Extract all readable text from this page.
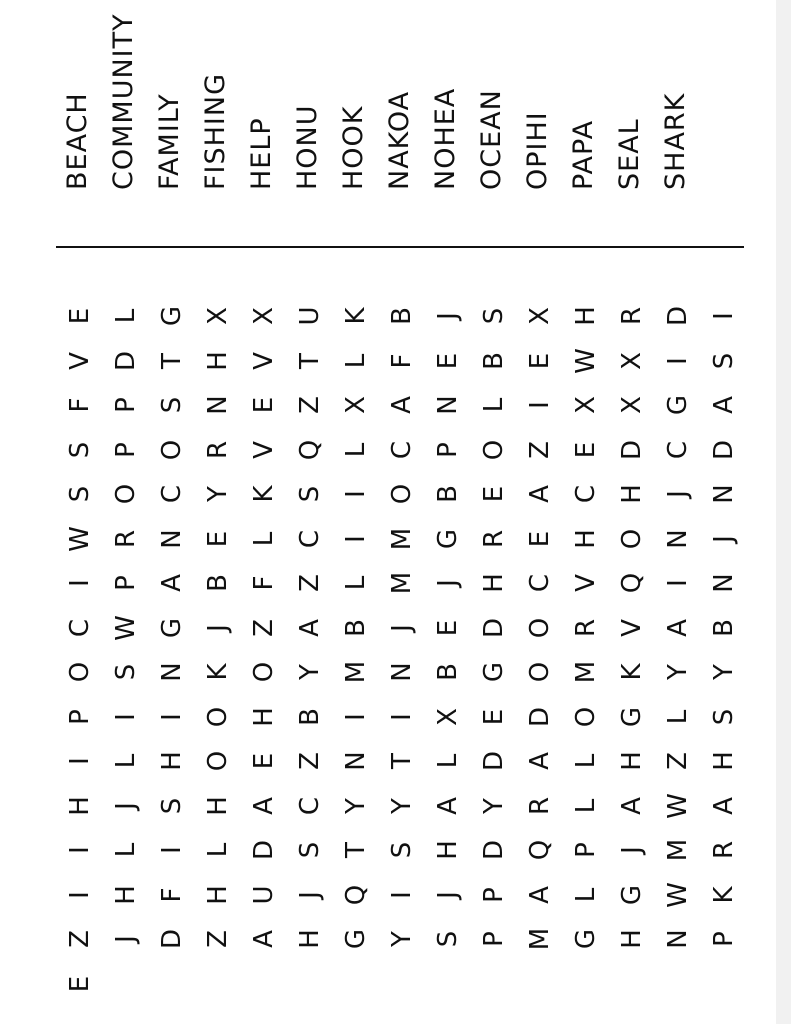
BEACH COMMUNITY FAMILY FISHING HELP HONU HOOK NAKOA NOHEA OCEAN OPIHI PAPA SEAL SHARK
E
V
F
S
S
W
I
C
O
P
I
H
I
I
Z
E
L
D
P
P
O
R
P
W
S
I
L
J
L
H
J
G
T
S
O
C
N
A
G
N
I
H
S
I
F
D
X
H
N
R
Y
E
B
J
K
O
O
H
L
H
Z
X
V
E
V
K
L
F
Z
O
H
E
A
D
U
A
U
T
Z
Q
S
C
Z
A
Y
B
Z
C
S
J
H
K
L
X
L
I
I
L
B
M
I
N
Y
T
Q
G
B
F
A
C
O
M
M
J
N
I
T
Y
S
I
Y
J
E
N
P
B
G
J
E
B
X
L
A
H
J
S
S
B
L
O
E
R
H
D
G
E
D
Y
D
P
P
X
E
I
Z
A
E
C
O
O
D
A
R
Q
A
M
H
W
X
E
C
H
V
R
M
O
L
L
P
L
G
R
X
X
D
H
O
Q
V
K
G
H
A
J
G
H
D
I
G
C
J
N
I
A
Y
L
Z
W
M
W
N
I
S
A
D
N
J
N
B
Y
S
H
A
R
K
P
